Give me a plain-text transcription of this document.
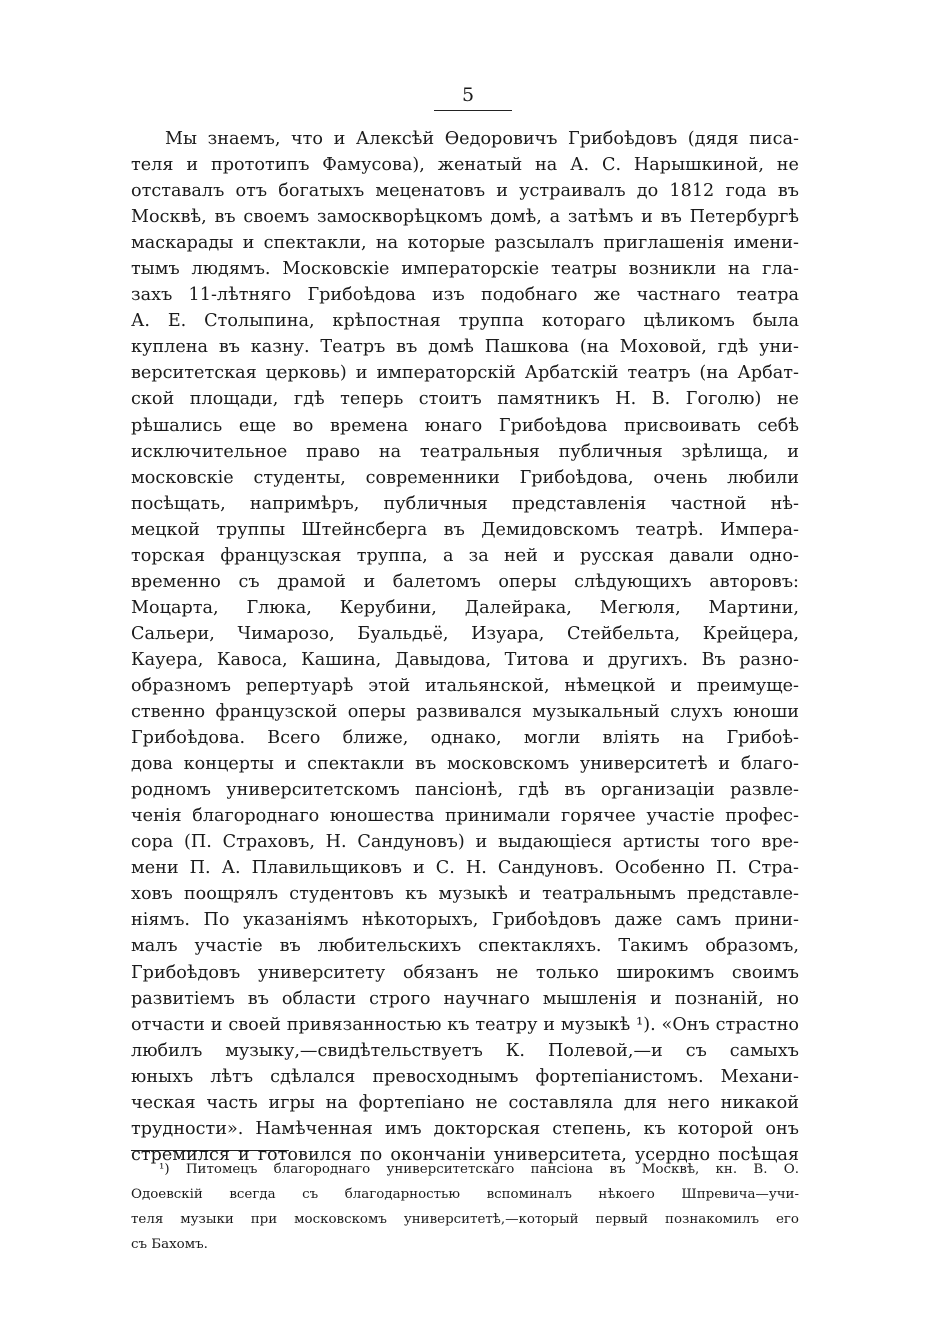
5
Мы знаемъ, что и Алексѣй Ѳедоровичъ Грибоѣдовъ (дядя писа-
теля и прототипъ Фамусова), женатый на А. С. Нарышкиной, не
отставалъ отъ богатыхъ меценатовъ и устраивалъ до 1812 года въ
Москвѣ, въ своемъ замоскворѣцкомъ домѣ, а затѣмъ и въ Петербургѣ
маскарады и спектакли, на которые разсылалъ приглашенія имени-
тымъ людямъ. Московскіе императорскіе театры возникли на гла-
захъ 11-лѣтняго Грибоѣдова изъ подобнаго же частнаго театра
А. Е. Столыпина, крѣпостная труппа котораго цѣликомъ была
куплена въ казну. Театръ въ домѣ Пашкова (на Моховой, гдѣ уни-
верситетская церковь) и императорскій Арбатскій театръ (на Арбат-
ской площади, гдѣ теперь стоитъ памятникъ Н. В. Гоголю) не
рѣшались еще во времена юнаго Грибоѣдова присвоивать себѣ
исключительное право на театральныя публичныя зрѣлища, и
московскіе студенты, современники Грибоѣдова, очень любили
посѣщать, напримѣръ, публичныя представленія частной нѣ-
мецкой труппы Штейнсберга въ Демидовскомъ театрѣ. Импера-
торская французская труппа, а за ней и русская давали одно-
временно съ драмой и балетомъ оперы слѣдующихъ авторовъ:
Моцарта, Глюка, Керубини, Далейрака, Мегюля, Мартини,
Сальери, Чимарозо, Буальдьё, Изуара, Стейбельта, Крейцера,
Кауера, Кавоса, Кашина, Давыдова, Титова и другихъ. Въ разно-
образномъ репертуарѣ этой итальянской, нѣмецкой и преимуще-
ственно французской оперы развивался музыкальный слухъ юноши
Грибоѣдова. Всего ближе, однако, могли вліять на Грибоѣ-
дова концерты и спектакли въ московскомъ университетѣ и благо-
родномъ университетскомъ пансіонѣ, гдѣ въ организаціи развле-
ченія благороднаго юношества принимали горячее участіе профес-
сора (П. Страховъ, Н. Сандуновъ) и выдающіеся артисты того вре-
мени П. А. Плавильщиковъ и С. Н. Сандуновъ. Особенно П. Стра-
ховъ поощрялъ студентовъ къ музыкѣ и театральнымъ представле-
ніямъ. По указаніямъ нѣкоторыхъ, Грибоѣдовъ даже самъ прини-
малъ участіе въ любительскихъ спектакляхъ. Такимъ образомъ,
Грибоѣдовъ университету обязанъ не только широкимъ своимъ
развитіемъ въ области строго научнаго мышленія и познаній, но
отчасти и своей привязанностью къ театру и музыкѣ ¹). «Онъ страстно
любилъ музыку,—свидѣтельствуетъ К. Полевой,—и съ самыхъ
юныхъ лѣтъ сдѣлался превосходнымъ фортепіанистомъ. Механи-
ческая часть игры на фортепіано не составляла для него никакой
трудности». Намѣченная имъ докторская степень, къ которой онъ
стремился и готовился по окончаніи университета, усердно посѣщая
¹) Питомецъ благороднаго университетскаго пансіона въ Москвѣ, кн. В. О.
Одоевскій всегда съ благодарностью вспоминалъ нѣкоего Шпревича—учи-
теля музыки при московскомъ университетѣ,—который первый познакомилъ его
съ Бахомъ.
